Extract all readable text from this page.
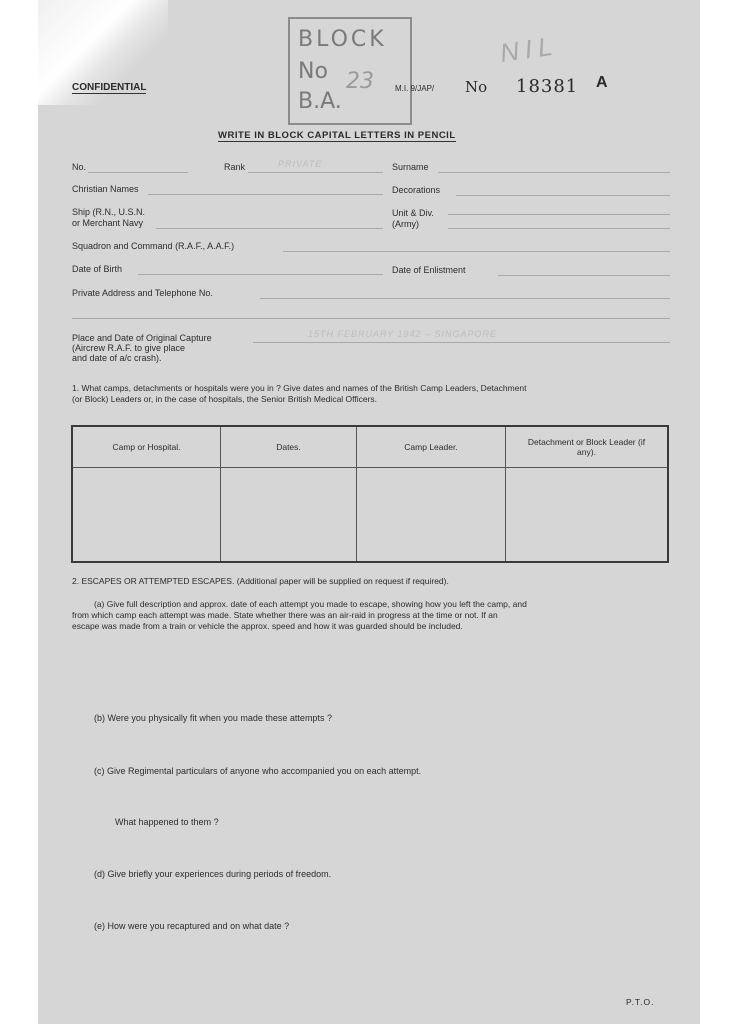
BLOCK
No
B.A.
23
NIL
CONFIDENTIAL	M.I. 9/JAP/ No 18381 A
WRITE IN BLOCK CAPITAL LETTERS IN PENCIL
No.	Rank	PRIVATE	Surname
Christian Names	Decorations
Ship (R.N., U.S.N.
or Merchant Navy
Unit & Div.
(Army)
Squadron and Command (R.A.F., A.A.F.)
Date of Birth	Date of Enlistment
Private Address and Telephone No.
Place and Date of Original Capture
(Aircrew R.A.F. to give place
and date of a/c crash).
15TH FEBRUARY 1942 – SINGAPORE
1. What camps, detachments or hospitals were you in ? Give dates and names of the British Camp Leaders, Detachment
(or Block) Leaders or, in the case of hospitals, the Senior British Medical Officers.
Camp or Hospital.	Dates.	Camp Leader.	Detachment or Block Leader (if any).

2. ESCAPES OR ATTEMPTED ESCAPES. (Additional paper will be supplied on request if required).
(a) Give full description and approx. date of each attempt you made to escape, showing how you left the camp, and
from which camp each attempt was made. State whether there was an air-raid in progress at the time or not. If an
escape was made from a train or vehicle the approx. speed and how it was guarded should be included.
(b) Were you physically fit when you made these attempts ?
(c) Give Regimental particulars of anyone who accompanied you on each attempt.
What happened to them ?
(d) Give briefly your experiences during periods of freedom.
(e) How were you recaptured and on what date ?
P.T.O.
